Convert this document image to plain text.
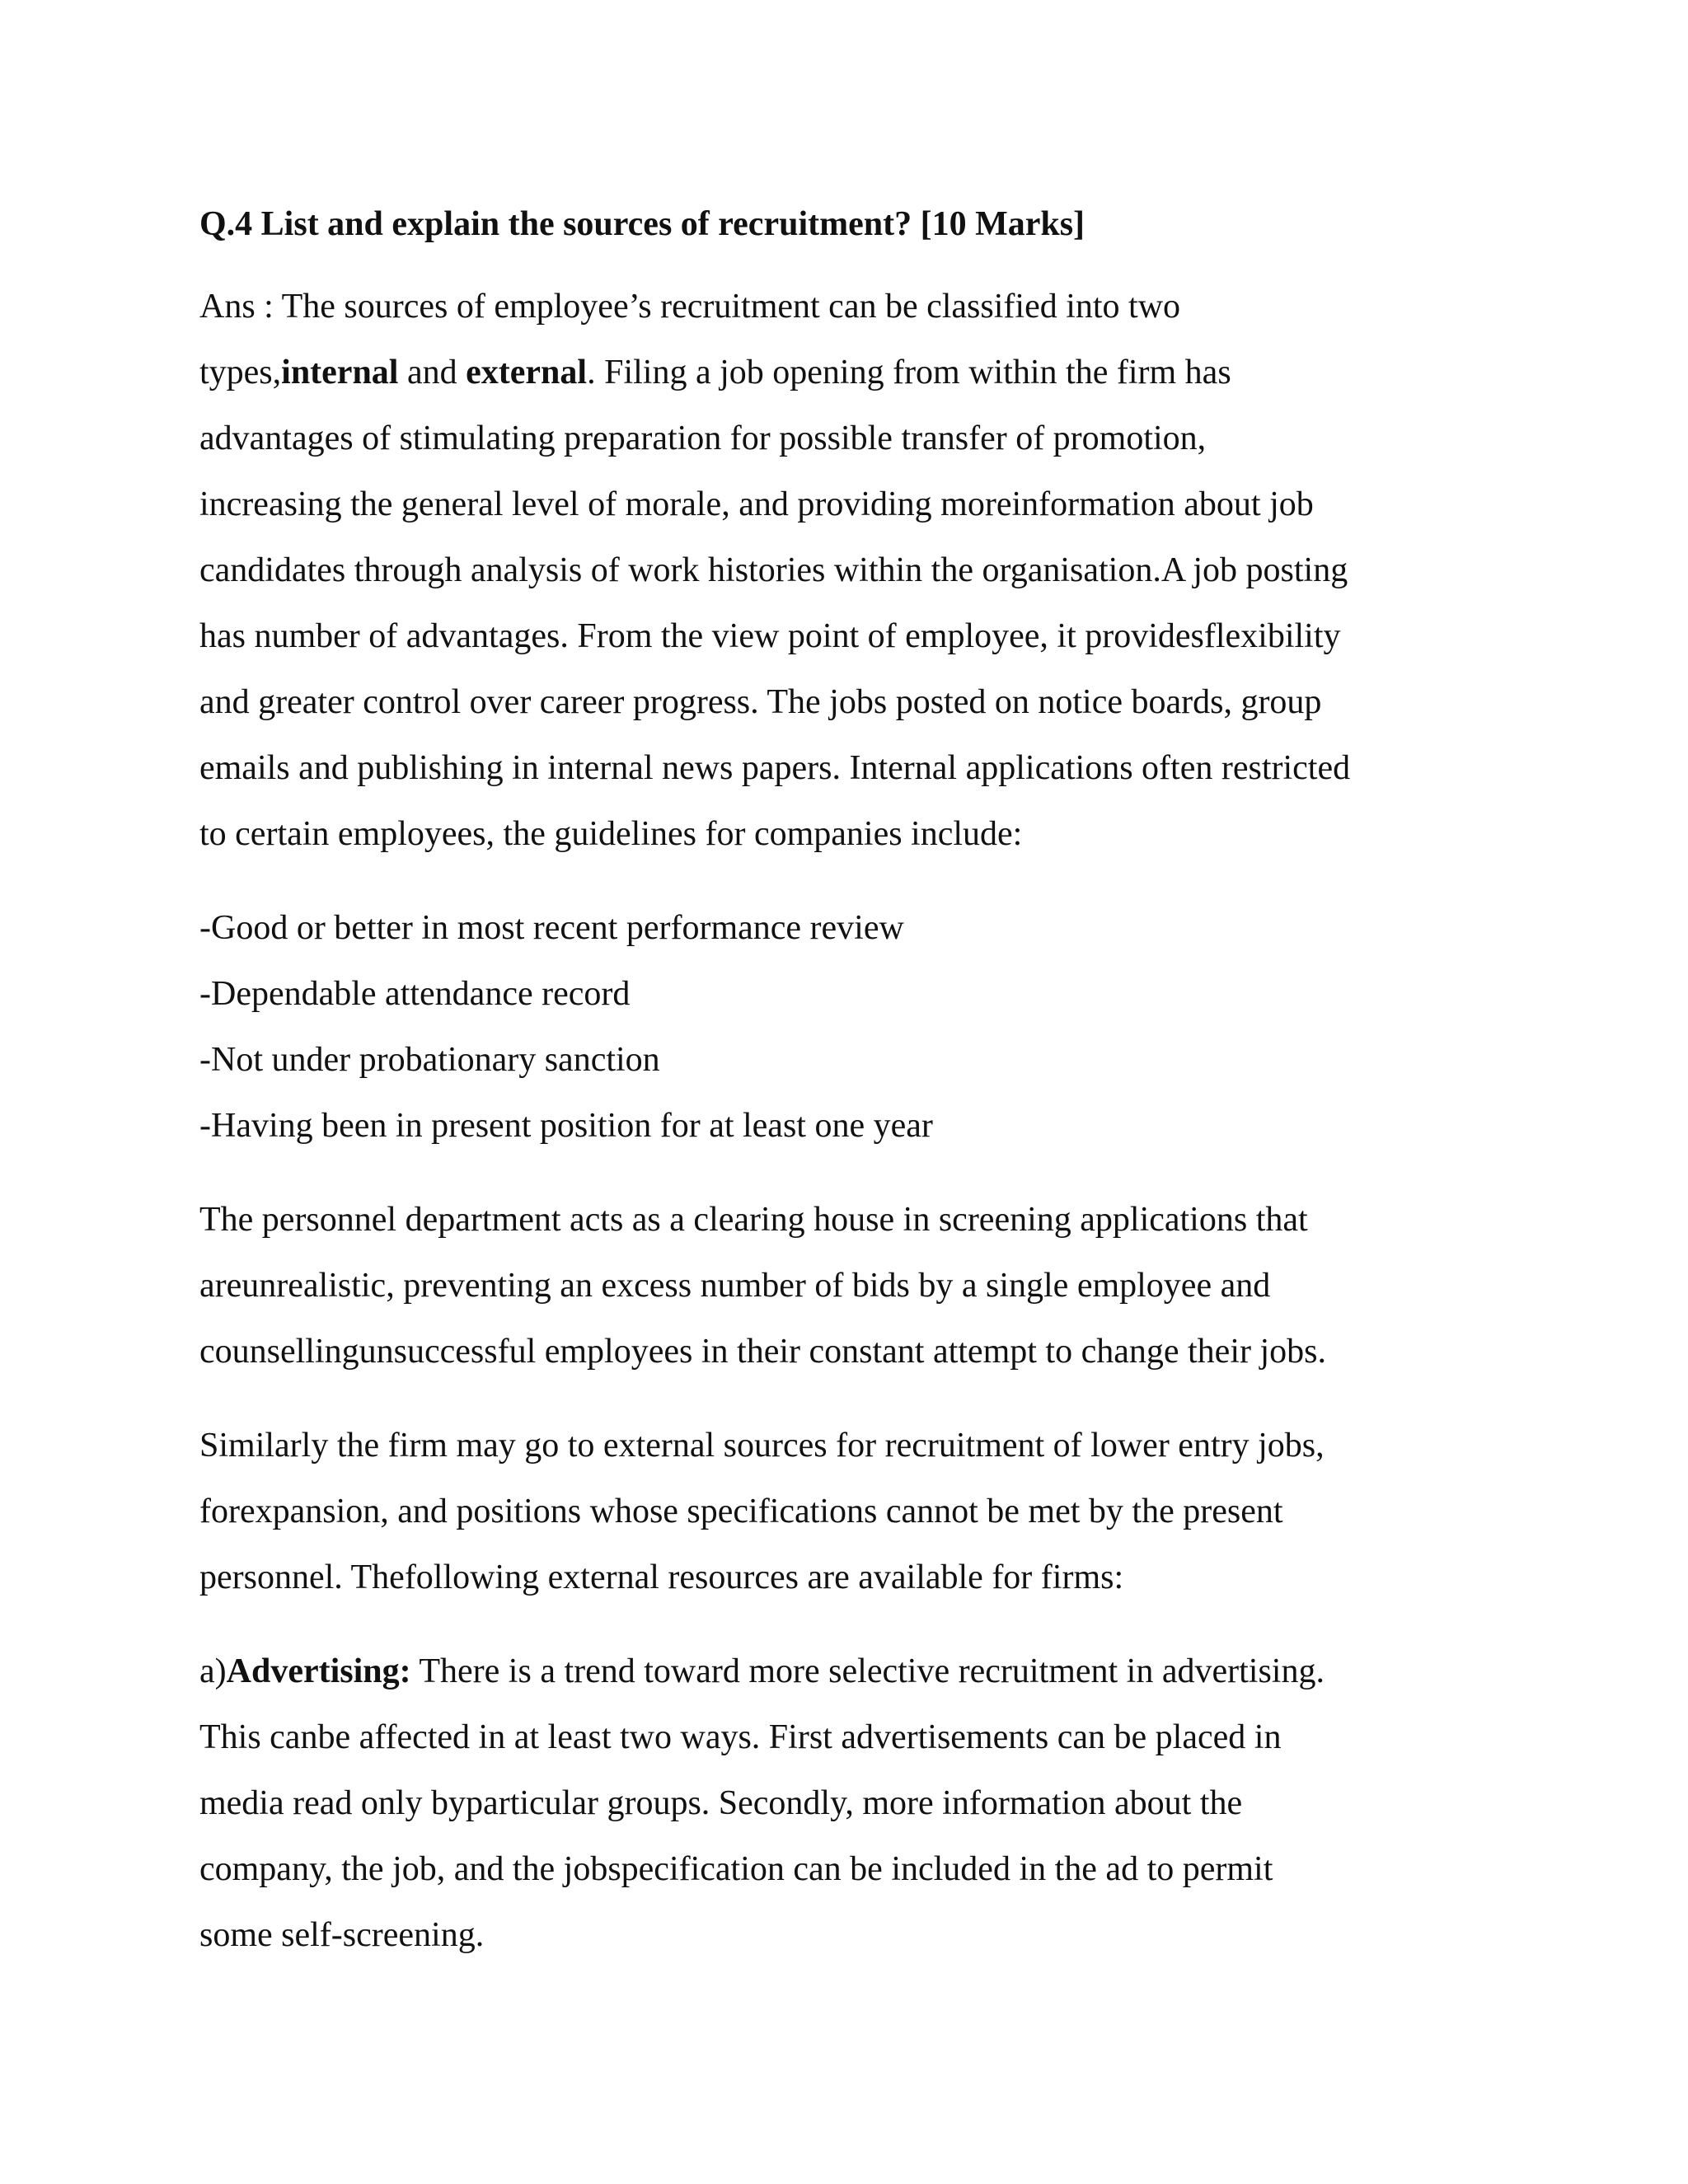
Q.4 List and explain the sources of recruitment? [10 Marks]
Ans : The sources of employee’s recruitment can be classified into two
types,internal and external. Filing a job opening from within the firm has
advantages of stimulating preparation for possible transfer of promotion,
increasing the general level of morale, and providing moreinformation about job
candidates through analysis of work histories within the organisation.A job posting
has number of advantages. From the view point of employee, it providesflexibility
and greater control over career progress. The jobs posted on notice boards, group
emails and publishing in internal news papers. Internal applications often restricted
to certain employees, the guidelines for companies include:
-Good or better in most recent performance review
-Dependable attendance record
-Not under probationary sanction
-Having been in present position for at least one year
The personnel department acts as a clearing house in screening applications that
areunrealistic, preventing an excess number of bids by a single employee and
counsellingunsuccessful employees in their constant attempt to change their jobs.
Similarly the firm may go to external sources for recruitment of lower entry jobs,
forexpansion, and positions whose specifications cannot be met by the present
personnel. Thefollowing external resources are available for firms:
a)Advertising: There is a trend toward more selective recruitment in advertising.
This canbe affected in at least two ways. First advertisements can be placed in
media read only byparticular groups. Secondly, more information about the
company, the job, and the jobspecification can be included in the ad to permit
some self-screening.
